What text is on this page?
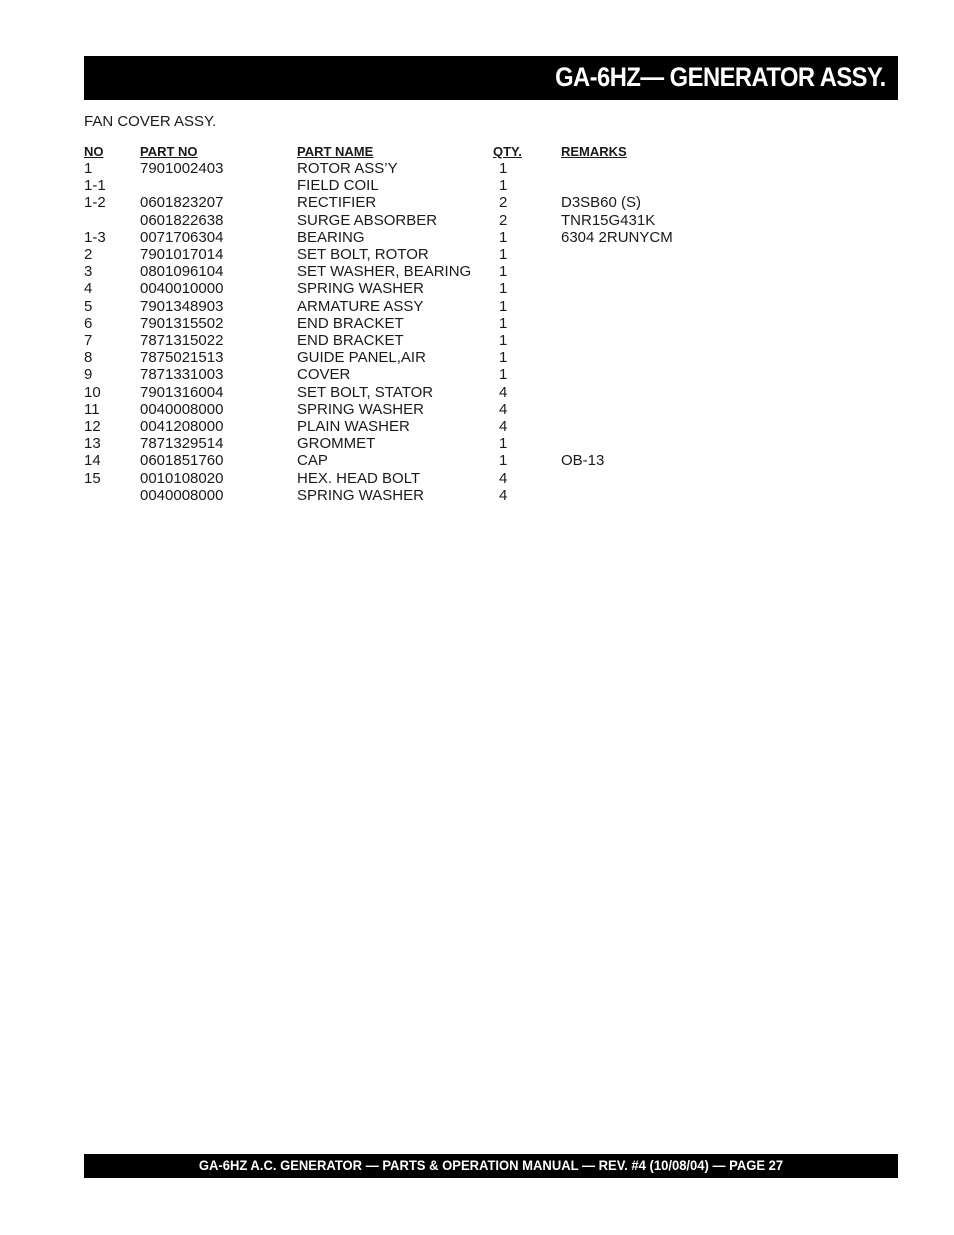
GA-6HZ— GENERATOR ASSY.
FAN COVER ASSY.
NO	PART NO	PART NAME	QTY.	REMARKS
1	7901002403	ROTOR ASS’Y	1	
1-1		FIELD COIL	1	
1-2	0601823207	RECTIFIER	2	D3SB60 (S)
	0601822638	SURGE ABSORBER	2	TNR15G431K
1-3	0071706304	BEARING	1	6304 2RUNYCM
2	7901017014	SET BOLT, ROTOR	1	
3	0801096104	SET WASHER, BEARING	1	
4	0040010000	SPRING WASHER	1	
5	7901348903	ARMATURE ASSY	1	
6	7901315502	END BRACKET	1	
7	7871315022	END BRACKET	1	
8	7875021513	GUIDE PANEL,AIR	1	
9	7871331003	COVER	1	
10	7901316004	SET BOLT, STATOR	4	
11	0040008000	SPRING WASHER	4	
12	0041208000	PLAIN WASHER	4	
13	7871329514	GROMMET	1	
14	0601851760	CAP	1	OB-13
15	0010108020	HEX. HEAD BOLT	4	
	0040008000	SPRING WASHER	4	
GA-6HZ A.C. GENERATOR — PARTS & OPERATION MANUAL — REV. #4 (10/08/04) — PAGE 27
